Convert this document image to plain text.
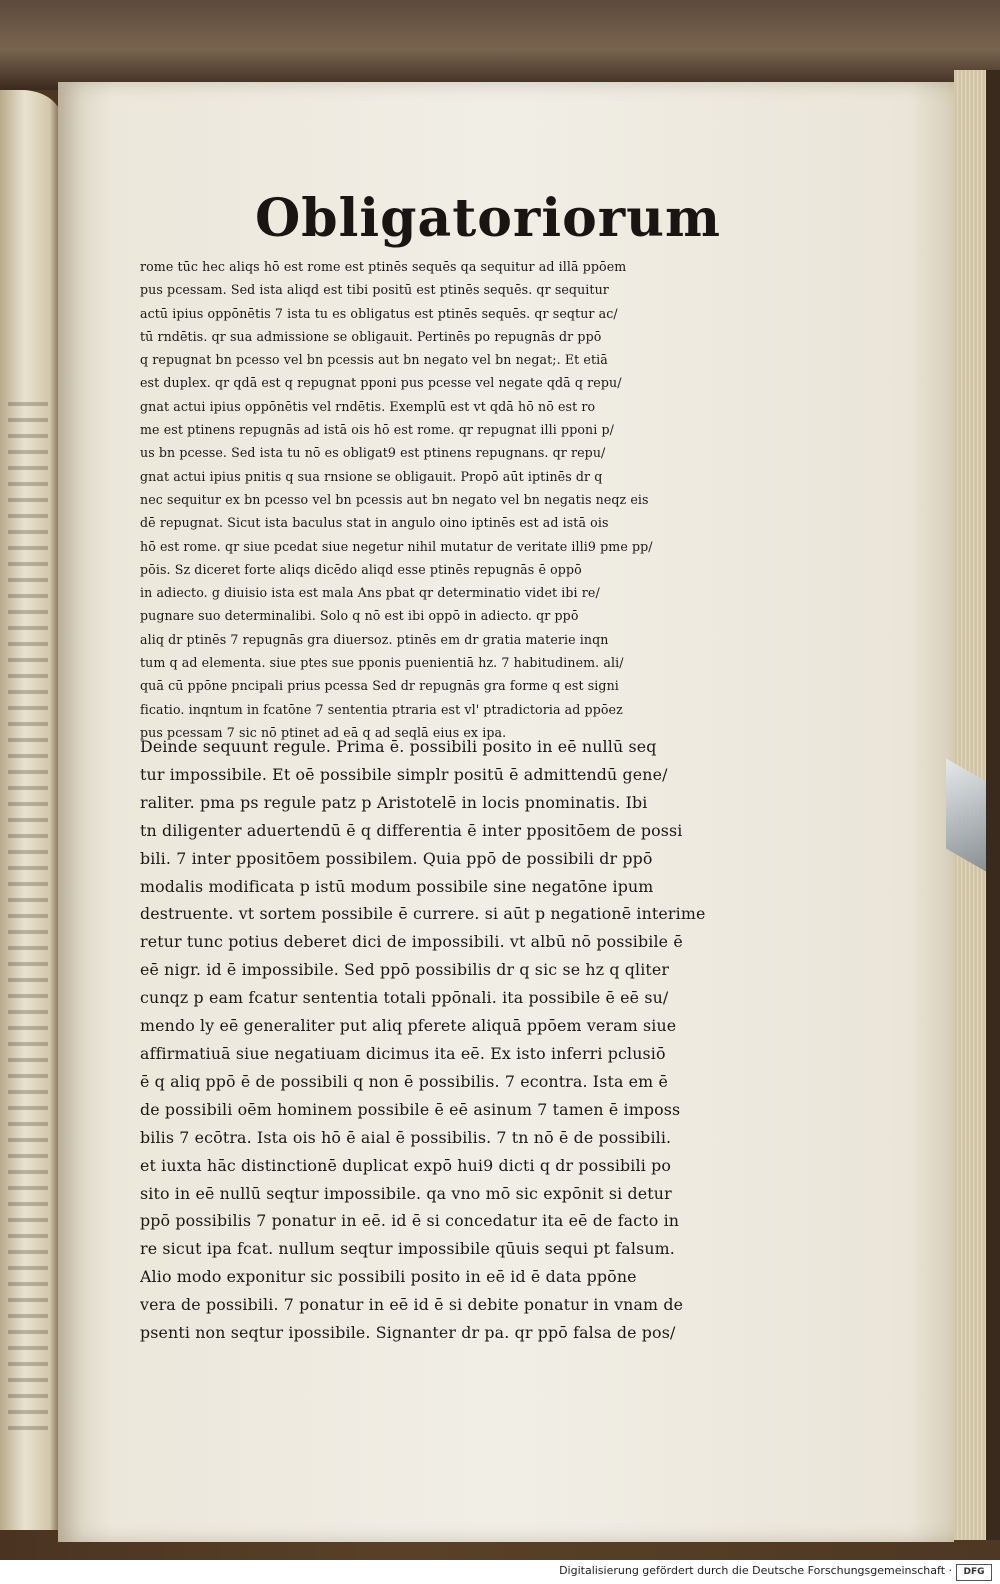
Obligatoriorum
rome tūc hec aliqs hō est rome est ptinēs sequēs qa sequitur ad illā ppōem
pus pcessam. Sed ista aliqd est tibi positū est ptinēs sequēs. qr sequitur
actū ipius oppōnētis 7 ista tu es obligatus est ptinēs sequēs. qr seqtur ac/
tū rndētis. qr sua admissione se obligauit. Pertinēs po repugnās dr ppō
q repugnat bn pcesso vel bn pcessis aut bn negato vel bn negat;. Et etiā
est duplex. qr qdā est q repugnat pponi pus pcesse vel negate qdā q repu/
gnat actui ipius oppōnētis vel rndētis. Exemplū est vt qdā hō nō est ro
me est ptinens repugnās ad istā ois hō est rome. qr repugnat illi pponi p/
us bn pcesse. Sed ista tu nō es obligat9 est ptinens repugnans. qr repu/
gnat actui ipius pnitis q sua rnsione se obligauit. Propō aūt iptinēs dr q
nec sequitur ex bn pcesso vel bn pcessis aut bn negato vel bn negatis neqz eis
dē repugnat. Sicut ista baculus stat in angulo oino iptinēs est ad istā ois
hō est rome. qr siue pcedat siue negetur nihil mutatur de veritate illi9 pme pp/
pōis. Sz diceret forte aliqs dicēdo aliqd esse ptinēs repugnās ē oppō
in adiecto. g diuisio ista est mala Ans pbat qr determinatio videt ibi re/
pugnare suo determinalibi. Solo q nō est ibi oppō in adiecto. qr ppō
aliq dr ptinēs 7 repugnās gra diuersoz. ptinēs em dr gratia materie inqn
tum q ad elementa. siue ptes sue pponis puenientiā hz. 7 habitudinem. ali/
quā cū ppōne pncipali prius pcessa Sed dr repugnās gra forme q est signi
ficatio. inqntum in fcatōne 7 sententia ptraria est vl' ptradictoria ad ppōez
pus pcessam 7 sic nō ptinet ad eā q ad seqlā eius ex ipa.
Deinde sequunt regule. Prima ē. possibili posito in eē nullū seq
tur impossibile. Et oē possibile simplr positū ē admittendū gene/
raliter. pma ps regule patz p Aristotelē in locis pnominatis. Ibi
tn diligenter aduertendū ē q differentia ē inter ppositōem de possi
bili. 7 inter ppositōem possibilem. Quia ppō de possibili dr ppō
modalis modificata p istū modum possibile sine negatōne ipum
destruente. vt sortem possibile ē currere. si aūt p negationē interime
retur tunc potius deberet dici de impossibili. vt albū nō possibile ē
eē nigr. id ē impossibile. Sed ppō possibilis dr q sic se hz q qliter
cunqz p eam fcatur sententia totali ppōnali. ita possibile ē eē su/
mendo ly eē generaliter put aliq pferete aliquā ppōem veram siue
affirmatiuā siue negatiuam dicimus ita eē. Ex isto inferri pclusiō
ē q aliq ppō ē de possibili q non ē possibilis. 7 econtra. Ista em ē
de possibili oēm hominem possibile ē eē asinum 7 tamen ē imposs
bilis 7 ecōtra. Ista ois hō ē aial ē possibilis. 7 tn nō ē de possibili.
et iuxta hāc distinctionē duplicat expō hui9 dicti q dr possibili po
sito in eē nullū seqtur impossibile. qa vno mō sic expōnit si detur
ppō possibilis 7 ponatur in eē. id ē si concedatur ita eē de facto in
re sicut ipa fcat. nullum seqtur impossibile qūuis sequi pt falsum.
Alio modo exponitur sic possibili posito in eē id ē data ppōne
vera de possibili. 7 ponatur in eē id ē si debite ponatur in vnam de
psenti non seqtur ipossibile. Signanter dr pa. qr ppō falsa de pos/
Digitalisierung gefördert durch die Deutsche Forschungsgemeinschaft ·	DFG
